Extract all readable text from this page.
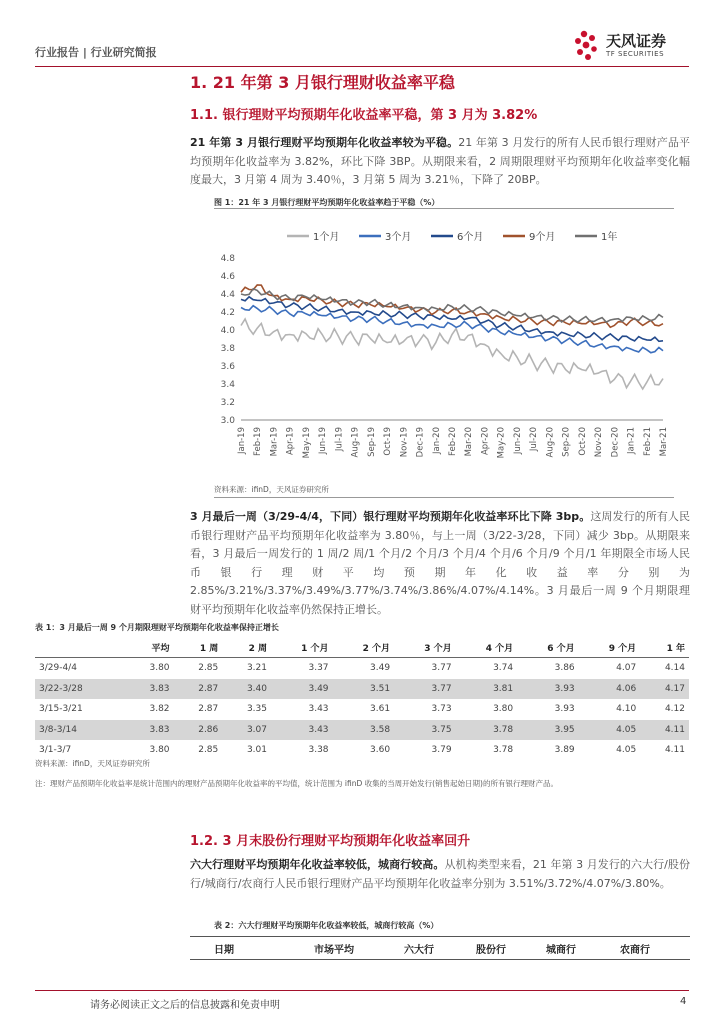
行业报告 | 行业研究简报
天风证券
TF SECURITIES
1. 21 年第 3 月银行理财收益率平稳
1.1. 银行理财平均预期年化收益率平稳，第 3 月为 3.82%
21 年第 3 月银行理财平均预期年化收益率较为平稳。21 年第 3 月发行的所有人民币银行理财产品平均预期年化收益率为 3.82%，环比下降 3BP。从期限来看，2 周期限理财平均预期年化收益率变化幅度最大，3 月第 4 周为 3.40％，3 月第 5 周为 3.21％，下降了 20BP。
图 1：21 年 3 月银行理财平均预期年化收益率趋于平稳（%）
1个月	3个月	6个月	9个月	1年
3.0
3.2
3.4
3.6
3.8
4.0
4.2
4.4
4.6
4.8
Jan-19 Feb-19 Mar-19 Apr-19 May-19 Jun-19 Jul-19 Aug-19 Sep-19 Oct-19 Nov-19 Dec-19 Jan-20 Feb-20 Mar-20 Apr-20 May-20 Jun-20 Jul-20 Aug-20 Sep-20 Oct-20 Nov-20 Dec-20 Jan-21 Feb-21 Mar-21
资料来源：ifinD，天风证券研究所
3 月最后一周（3/29-4/4，下同）银行理财平均预期年化收益率环比下降 3bp。这周发行的所有人民币银行理财产品平均预期年化收益率为 3.80％，与上一周（3/22-3/28，下同）减少 3bp。从期限来看，3 月最后一周发行的 1 周/2 周/1 个月/2 个月/3 个月/4 个月/6 个月/9 个月/1 年期限全市场人民币银行理财平均预期年化收益率分别为 2.85%/3.21%/3.37%/3.49%/3.77%/3.74%/3.86%/4.07%/4.14%。3 月最后一周 9 个月期限理财平均预期年化收益率仍然保持正增长。
表 1：3 月最后一周 9 个月期限理财平均预期年化收益率保持正增长
	平均	1 周	2 周	1 个月	2 个月	3 个月	4 个月	6 个月	9 个月	1 年
3/29-4/4	3.80	2.85	3.21	3.37	3.49	3.77	3.74	3.86	4.07	4.14
3/22-3/28	3.83	2.87	3.40	3.49	3.51	3.77	3.81	3.93	4.06	4.17
3/15-3/21	3.82	2.87	3.35	3.43	3.61	3.73	3.80	3.93	4.10	4.12
3/8-3/14	3.83	2.86	3.07	3.43	3.58	3.75	3.78	3.95	4.05	4.11
3/1-3/7	3.80	2.85	3.01	3.38	3.60	3.79	3.78	3.89	4.05	4.11
资料来源：ifinD，天风证券研究所
注：理财产品预期年化收益率是统计范围内的理财产品预期年化收益率的平均值，统计范围为 ifinD 收集的当周开始发行(销售起始日期)的所有银行理财产品。
1.2. 3 月末股份行理财平均预期年化收益率回升
六大行理财平均预期年化收益率较低，城商行较高。从机构类型来看，21 年第 3 月发行的六大行/股份行/城商行/农商行人民币银行理财产品平均预期年化收益率分别为 3.51%/3.72%/4.07%/3.80%。
表 2：六大行理财平均预期年化收益率较低，城商行较高（%）
日期	市场平均	六大行	股份行	城商行	农商行
请务必阅读正文之后的信息披露和免责申明	4
